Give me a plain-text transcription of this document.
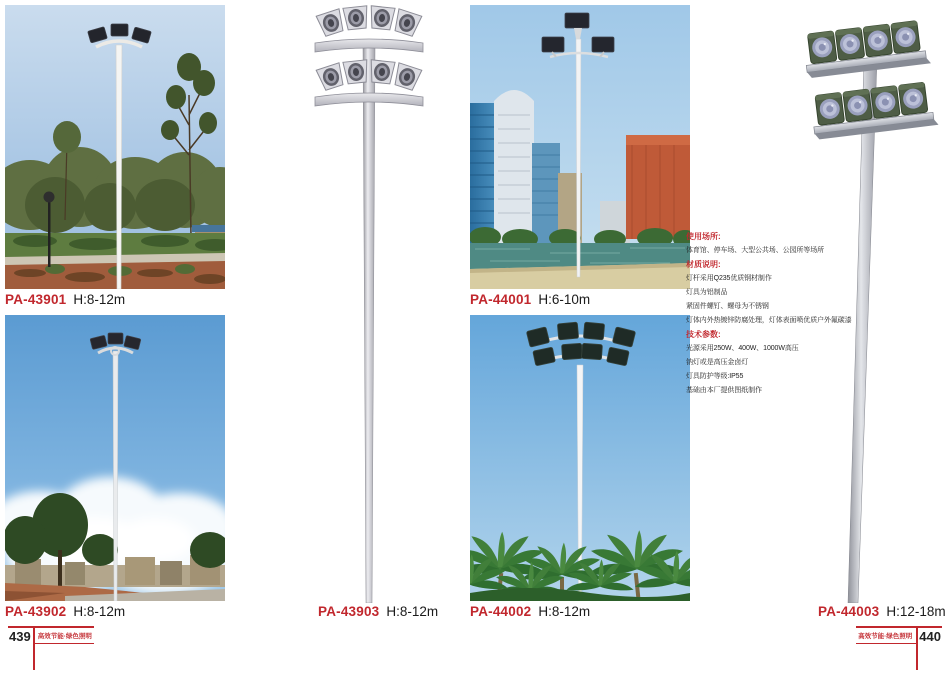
PA-43901 H:8-12m
PA-43902 H:8-12m	PA-43903 H:8-12m
PA-44001 H:6-10m
PA-44002 H:8-12m
使用场所:
体育馆、停车场、大型公共场、公园所等场所
材质说明:
灯杆采用Q235优质钢材制作
灯具为铝制品
紧固件螺钉、螺母为不锈钢
灯体内外热镀锌防腐处理，灯体表面喷优质户外氟碳漆
技术参数:
光源采用250W、400W、1000W高压
钠灯或是高压金卤灯
灯具防护等级:IP55
基础由本厂提供图纸制作
PA-44003 H:12-18m
439	高效节能·绿色照明	高效节能·绿色照明 440
